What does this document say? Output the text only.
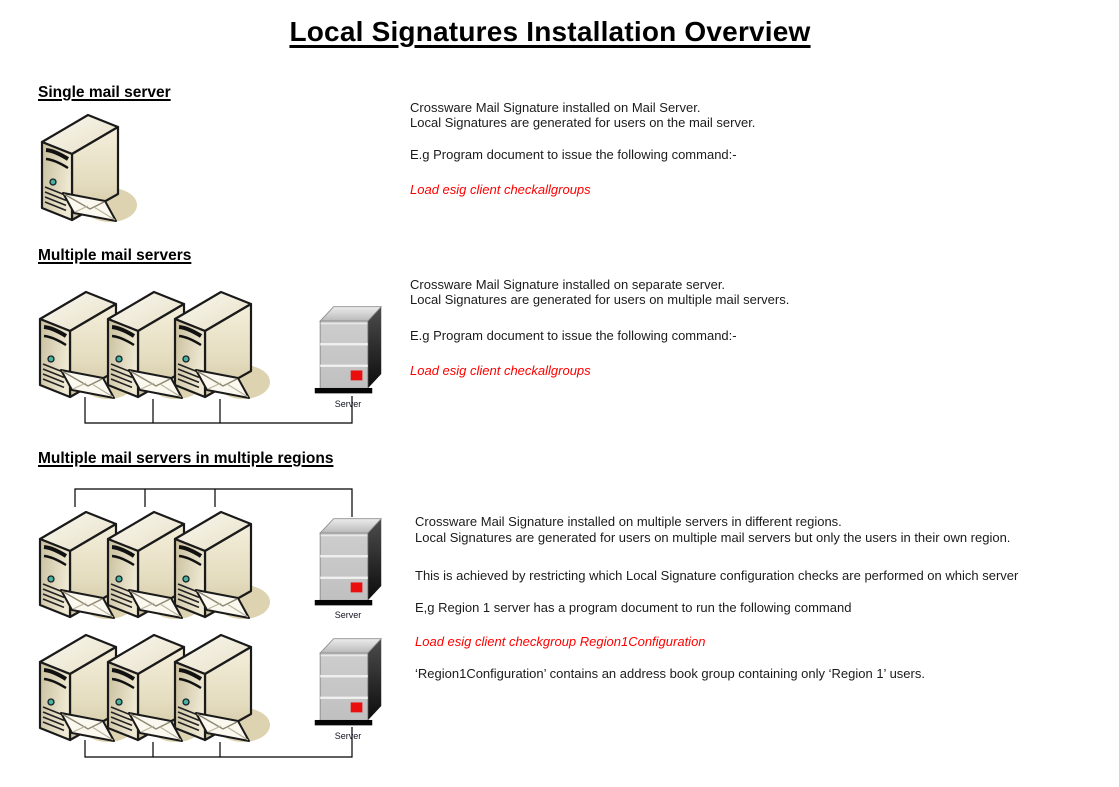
Local Signatures Installation Overview
Single mail server
Crossware Mail Signature installed on Mail Server.
Local Signatures are generated for users on the mail server.
E.g Program document to issue the following command:-
Load esig client checkallgroups
Multiple mail servers
Server
Crossware Mail Signature installed on separate server.
Local Signatures are generated for users on multiple mail servers.
E.g Program document to issue the following command:-
Load esig client checkallgroups
Multiple mail servers in multiple regions
Server
Server
Crossware Mail Signature installed on multiple servers in different regions.
Local Signatures are generated for users on multiple mail servers but only the users in their own region.
This is achieved by restricting which Local Signature configuration checks are performed on which server
E,g Region 1 server has a program document to run the following command
Load esig client checkgroup Region1Configuration
‘Region1Configuration’ contains an address book group containing only ‘Region 1’ users.
